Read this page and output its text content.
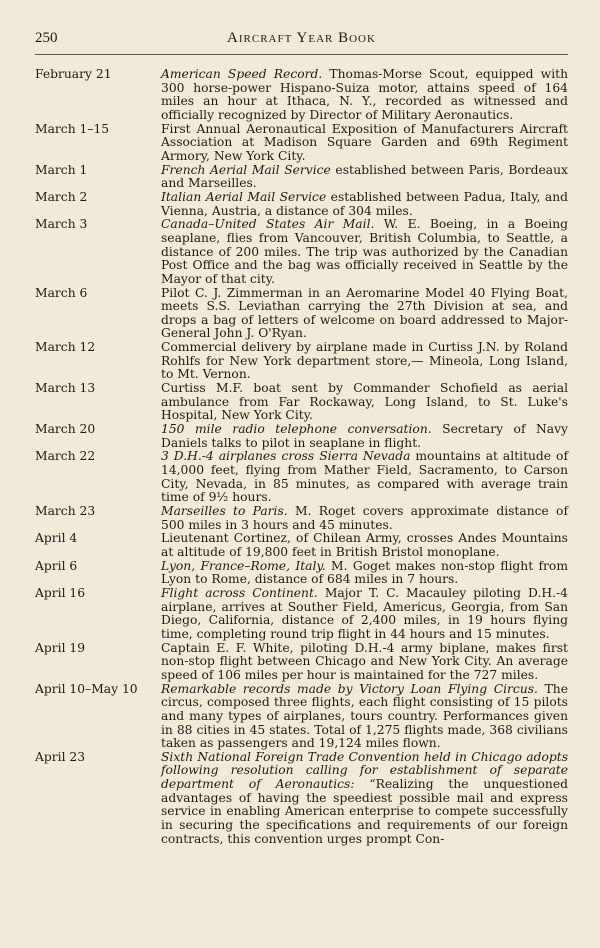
250	Aircraft Year Book
February 21	American Speed Record. Thomas-Morse Scout, equipped with 300 horse-power Hispano-Suiza motor, attains speed of 164 miles an hour at Ithaca, N. Y., recorded as witnessed and officially recognized by Director of Military Aeronautics.
March 1–15	First Annual Aeronautical Exposition of Manufacturers Aircraft Association at Madison Square Garden and 69th Regiment Armory, New York City.
March 1	French Aerial Mail Service established between Paris, Bordeaux and Marseilles.
March 2	Italian Aerial Mail Service established between Padua, Italy, and Vienna, Austria, a distance of 304 miles.
March 3	Canada–United States Air Mail. W. E. Boeing, in a Boeing seaplane, flies from Vancouver, British Columbia, to Seattle, a distance of 200 miles. The trip was authorized by the Canadian Post Office and the bag was officially received in Seattle by the Mayor of that city.
March 6	Pilot C. J. Zimmerman in an Aeromarine Model 40 Flying Boat, meets S.S. Leviathan carrying the 27th Division at sea, and drops a bag of letters of welcome on board addressed to Major-General John J. O'Ryan.
March 12	Commercial delivery by airplane made in Curtiss J.N. by Roland Rohlfs for New York department store,— Mineola, Long Island, to Mt. Vernon.
March 13	Curtiss M.F. boat sent by Commander Schofield as aerial ambulance from Far Rockaway, Long Island, to St. Luke's Hospital, New York City.
March 20	150 mile radio telephone conversation. Secretary of Navy Daniels talks to pilot in seaplane in flight.
March 22	3 D.H.-4 airplanes cross Sierra Nevada mountains at altitude of 14,000 feet, flying from Mather Field, Sacramento, to Carson City, Nevada, in 85 minutes, as compared with average train time of 9½ hours.
March 23	Marseilles to Paris. M. Roget covers approximate distance of 500 miles in 3 hours and 45 minutes.
April 4	Lieutenant Cortinez, of Chilean Army, crosses Andes Mountains at altitude of 19,800 feet in British Bristol monoplane.
April 6	Lyon, France–Rome, Italy. M. Goget makes non-stop flight from Lyon to Rome, distance of 684 miles in 7 hours.
April 16	Flight across Continent. Major T. C. Macauley piloting D.H.-4 airplane, arrives at Souther Field, Americus, Georgia, from San Diego, California, distance of 2,400 miles, in 19 hours flying time, completing round trip flight in 44 hours and 15 minutes.
April 19	Captain E. F. White, piloting D.H.-4 army biplane, makes first non-stop flight between Chicago and New York City. An average speed of 106 miles per hour is maintained for the 727 miles.
April 10–May 10	Remarkable records made by Victory Loan Flying Circus. The circus, composed three flights, each flight consisting of 15 pilots and many types of airplanes, tours country. Performances given in 88 cities in 45 states. Total of 1,275 flights made, 368 civilians taken as passengers and 19,124 miles flown.
April 23	Sixth National Foreign Trade Convention held in Chicago adopts following resolution calling for establishment of separate department of Aeronautics: “Realizing the unquestioned advantages of having the speediest possible mail and express service in enabling American enterprise to compete successfully in securing the specifications and requirements of our foreign contracts, this convention urges prompt Con-
